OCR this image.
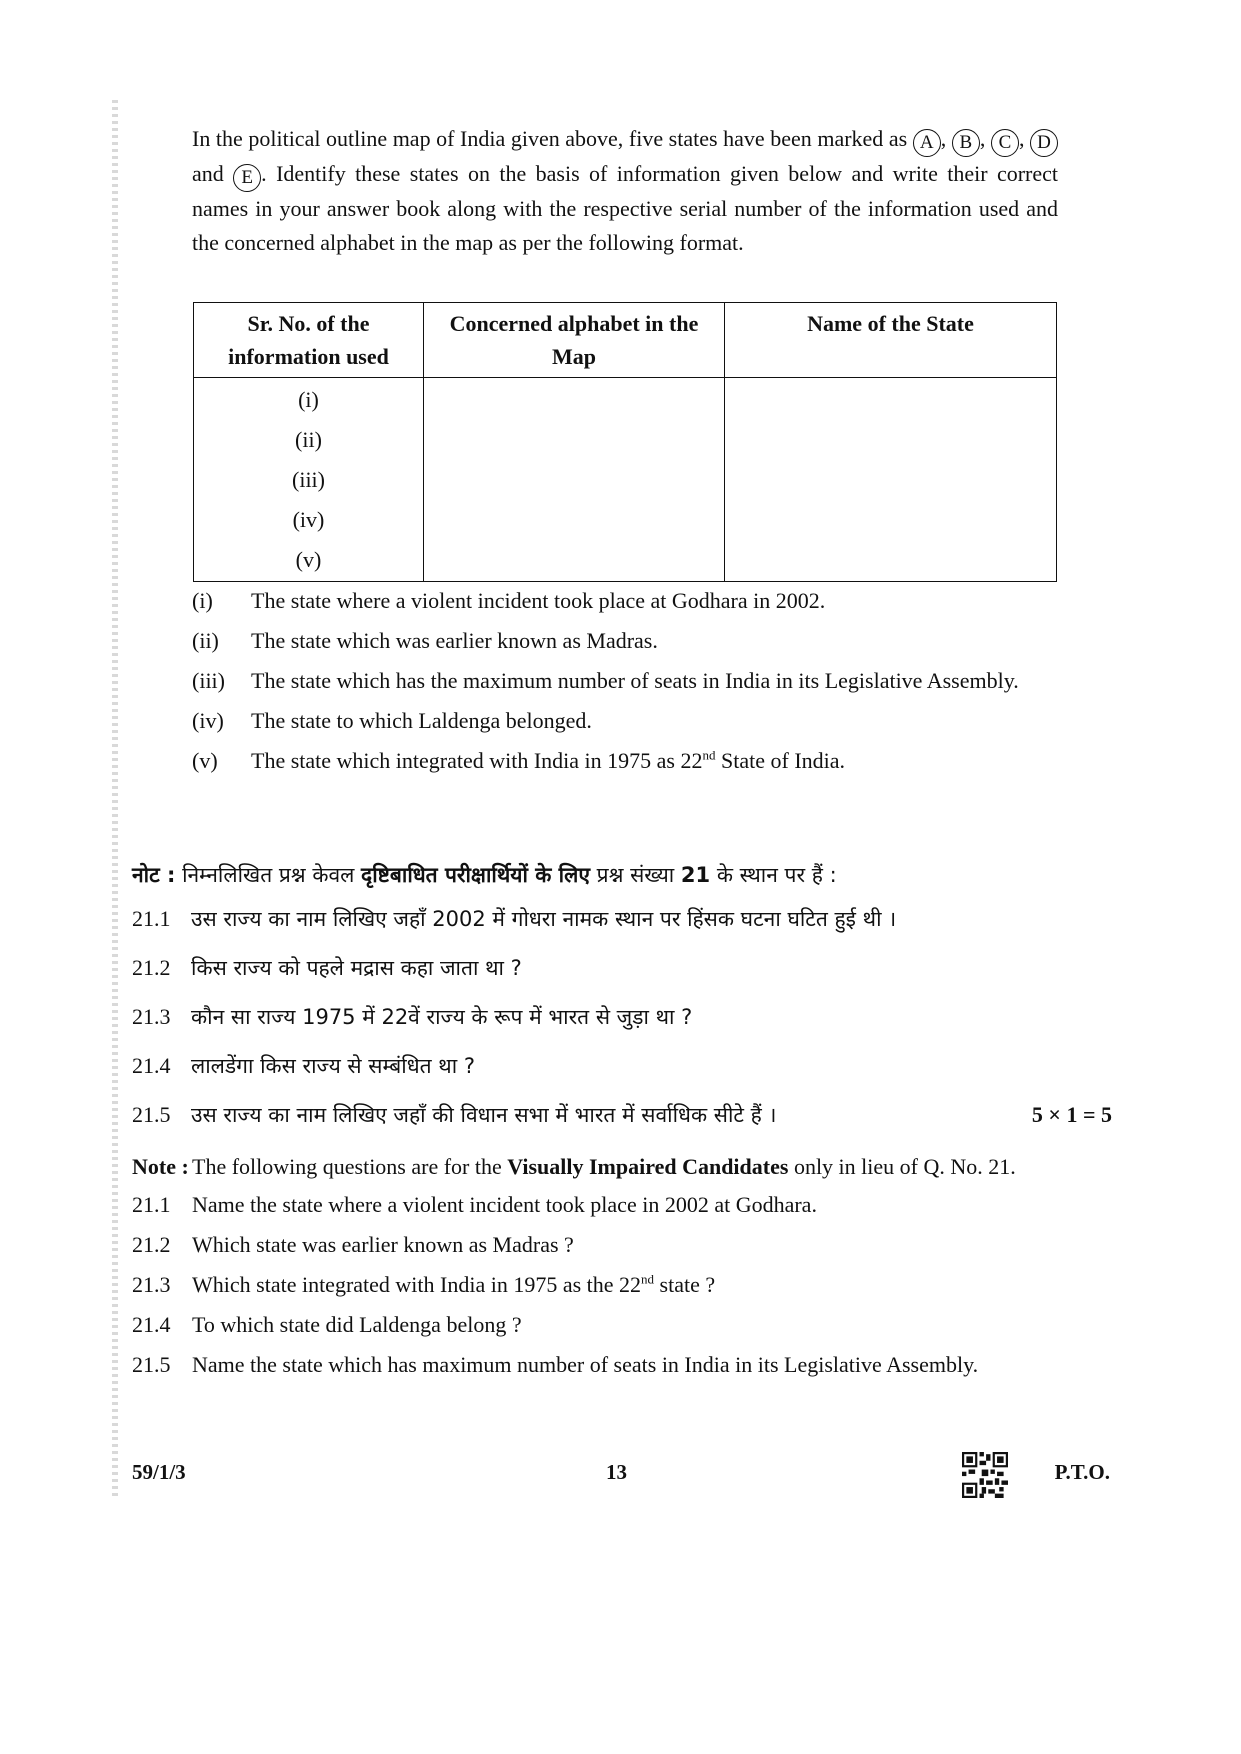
In the political outline map of India given above, five states have been marked as A , B , C , D and E . Identify these states on the basis of information given below and write their correct names in your answer book along with the respective serial number of the information used and the concerned alphabet in the map as per the following format.
Sr. No. of the information used	Concerned alphabet in the Map	Name of the State

(i)
(ii)
(iii)
(iv)
(v)		

(i)	The state where a violent incident took place at Godhara in 2002.
(ii)	The state which was earlier known as Madras.
(iii)	The state which has the maximum number of seats in India in its Legislative Assembly.
(iv)	The state to which Laldenga belonged.
(v)	The state which integrated with India in 1975 as 22nd State of India.
नोट : निम्नलिखित प्रश्न केवल दृष्टिबाधित परीक्षार्थियों के लिए प्रश्न संख्या 21 के स्थान पर हैं :
21.1 उस राज्य का नाम लिखिए जहाँ 2002 में गोधरा नामक स्थान पर हिंसक घटना घटित हुई थी ।
21.2 किस राज्य को पहले मद्रास कहा जाता था ?
21.3 कौन सा राज्य 1975 में 22वें राज्य के रूप में भारत से जुड़ा था ?
21.4 लालडेंगा किस राज्य से सम्बंधित था ?
21.5 उस राज्य का नाम लिखिए जहाँ की विधान सभा में भारत में सर्वाधिक सीटे हैं ।	5 × 1 = 5
Note : The following questions are for the Visually Impaired Candidates only in lieu of Q. No. 21.
21.1 Name the state where a violent incident took place in 2002 at Godhara.
21.2 Which state was earlier known as Madras ?
21.3 Which state integrated with India in 1975 as the 22nd state ?
21.4 To which state did Laldenga belong ?
21.5 Name the state which has maximum number of seats in India in its Legislative Assembly.
59/1/3	13	P.T.O.
